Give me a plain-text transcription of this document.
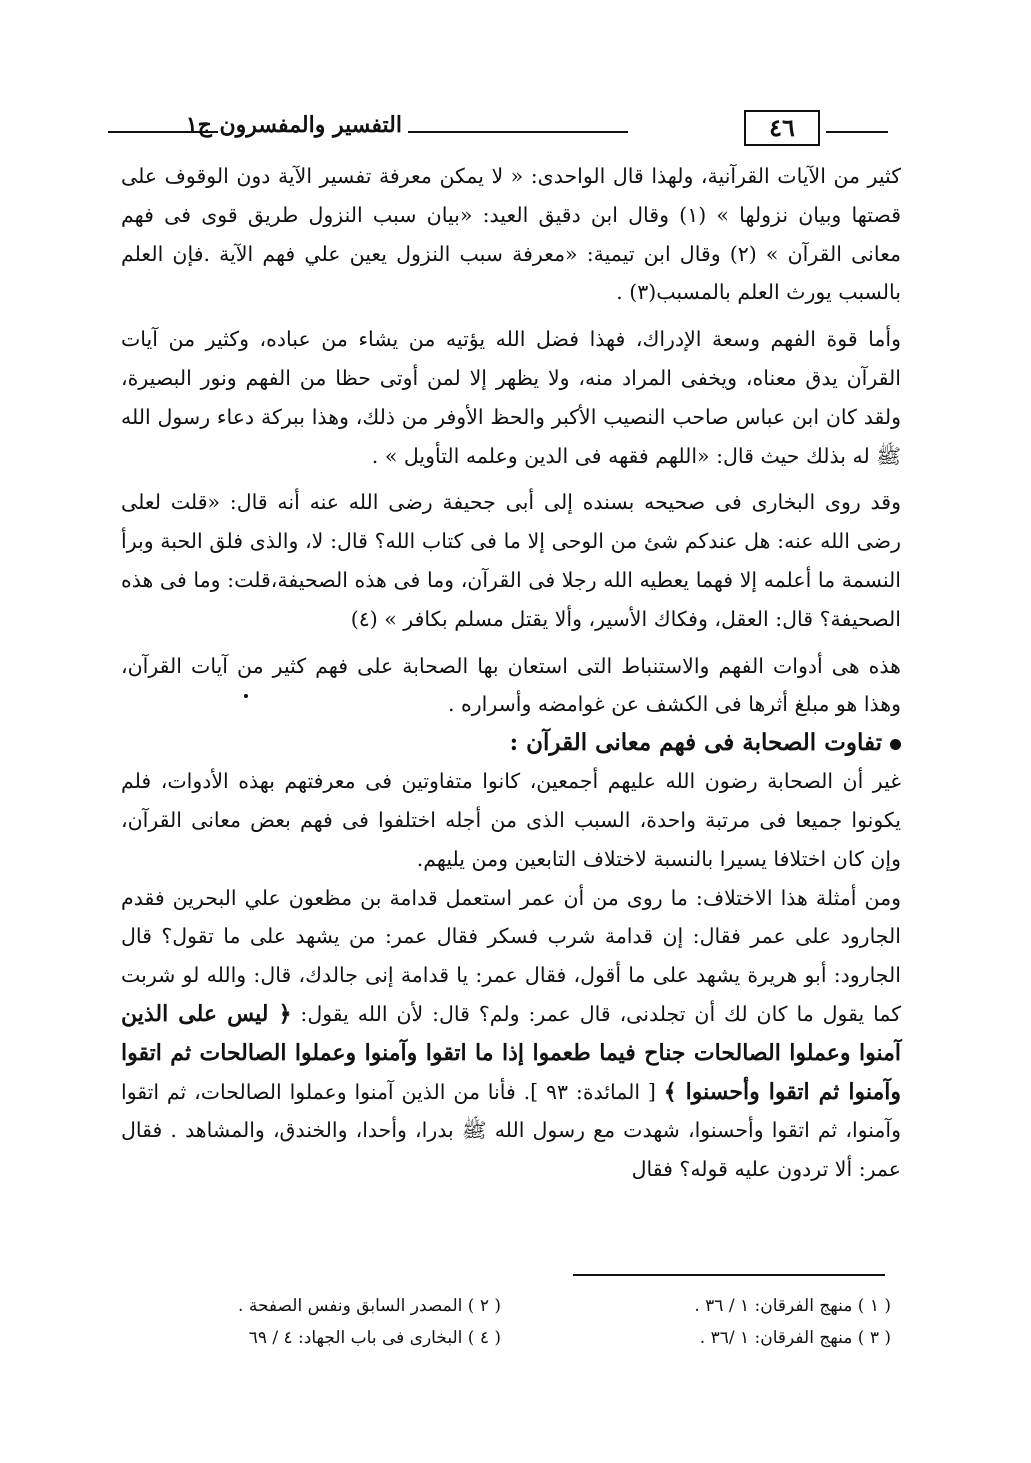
التفسير والمفسرون ج١	٤٦

كثير من الآيات القرآنية، ولهذا قال الواحدى: « لا يمكن معرفة تفسير الآية دون الوقوف على قصتها وبيان نزولها » (١) وقال ابن دقيق العيد: «بيان سبب النزول طريق قوى فى فهم معانى القرآن » (٢) وقال ابن تيمية: «معرفة سبب النزول يعين علي فهم الآية .فإن العلم بالسبب يورث العلم بالمسبب(٣) .

وأما قوة الفهم وسعة الإدراك، فهذا فضل الله يؤتيه من يشاء من عباده، وكثير من آيات القرآن يدق معناه، ويخفى المراد منه، ولا يظهر إلا لمن أوتى حظا من الفهم ونور البصيرة، ولقد كان ابن عباس صاحب النصيب الأكبر والحظ الأوفر من ذلك، وهذا ببركة دعاء رسول الله ﷺ له بذلك حيث قال: «اللهم فقهه فى الدين وعلمه التأويل » .

وقد روى البخارى فى صحيحه بسنده إلى أبى جحيفة رضى الله عنه أنه قال: «قلت لعلى رضى الله عنه: هل عندكم شئ من الوحى إلا ما فى كتاب الله؟ قال: لا، والذى فلق الحبة وبرأ النسمة ما أعلمه إلا فهما يعطيه الله رجلا فى القرآن، وما فى هذه الصحيفة،قلت: وما فى هذه الصحيفة؟ قال: العقل، وفكاك الأسير، وألا يقتل مسلم بكافر » (٤)

هذه هى أدوات الفهم والاستنباط التى استعان بها الصحابة على فهم كثير من آيات القرآن، وهذا هو مبلغ أثرها فى الكشف عن غوامضه وأسراره .

تفاوت الصحابة فى فهم معانى القرآن :

غير أن الصحابة رضون الله عليهم أجمعين، كانوا متفاوتين فى معرفتهم بهذه الأدوات، فلم يكونوا جميعا فى مرتبة واحدة، السبب الذى من أجله اختلفوا فى فهم بعض معانى القرآن، وإن كان اختلافا يسيرا بالنسبة لاختلاف التابعين ومن يليهم.

ومن أمثلة هذا الاختلاف: ما روى من أن عمر استعمل قدامة بن مظعون علي البحرين فقدم الجارود على عمر فقال: إن قدامة شرب فسكر فقال عمر: من يشهد على ما تقول؟ قال الجارود: أبو هريرة يشهد على ما أقول، فقال عمر: يا قدامة إنى جالدك، قال: والله لو شربت كما يقول ما كان لك أن تجلدنى، قال عمر: ولم؟ قال: لأن الله يقول: ﴿ ليس على الذين آمنوا وعملوا الصالحات جناح فيما طعموا إذا ما اتقوا وآمنوا وعملوا الصالحات ثم اتقوا وآمنوا ثم اتقوا وأحسنوا ﴾ [ المائدة: ٩٣ ]. فأنا من الذين آمنوا وعملوا الصالحات، ثم اتقوا وآمنوا، ثم اتقوا وأحسنوا، شهدت مع رسول الله ﷺ بدرا، وأحدا، والخندق، والمشاهد . فقال عمر: ألا تردون عليه قوله؟ فقال

( ١ ) منهج الفرقان: ١ / ٣٦ .
( ٢ ) المصدر السابق ونفس الصفحة .
( ٣ ) منهج الفرقان: ١ /٣٦ .
( ٤ ) البخارى فى باب الجهاد: ٤ / ٦٩
